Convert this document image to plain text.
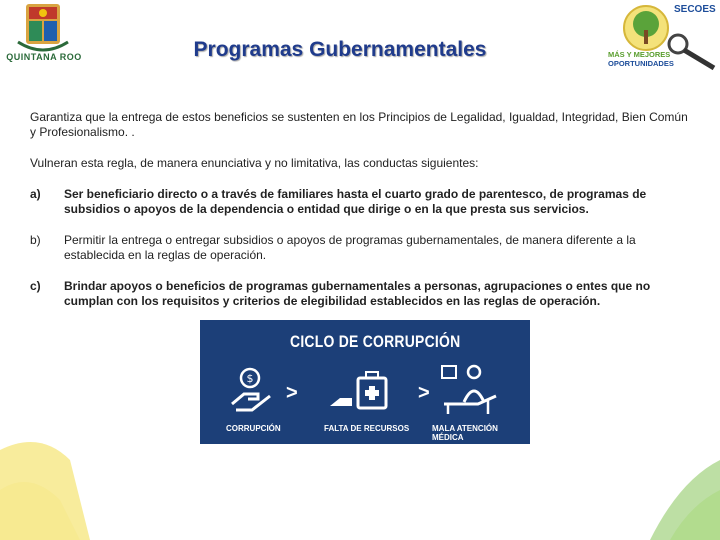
QUINTANA ROO	Programas Gubernamentales
SECOES
MÁS Y MEJORES
OPORTUNIDADES

Garantiza que la entrega de estos beneficios se sustenten en los Principios de Legalidad, Igualdad, Integridad, Bien Común y Profesionalismo. .

Vulneran esta regla, de manera enunciativa y no limitativa, las conductas siguientes:

a)	Ser beneficiario directo o a través de familiares hasta el cuarto grado de parentesco, de programas de subsidios o apoyos de la dependencia o entidad que dirige o en la que presta sus servicios.
b)	Permitir la entrega o entregar subsidios o apoyos de programas gubernamentales, de manera diferente a la establecida en la reglas de operación.
c)	Brindar apoyos o beneficios de programas gubernamentales a personas, agrupaciones o entes que no cumplan con los requisitos y criterios de elegibilidad establecidos en las reglas de operación.
CICLO DE CORRUPCIÓN
$
>	>
CORRUPCIÓN	FALTA DE RECURSOS	MALA ATENCIÓN MÉDICA
